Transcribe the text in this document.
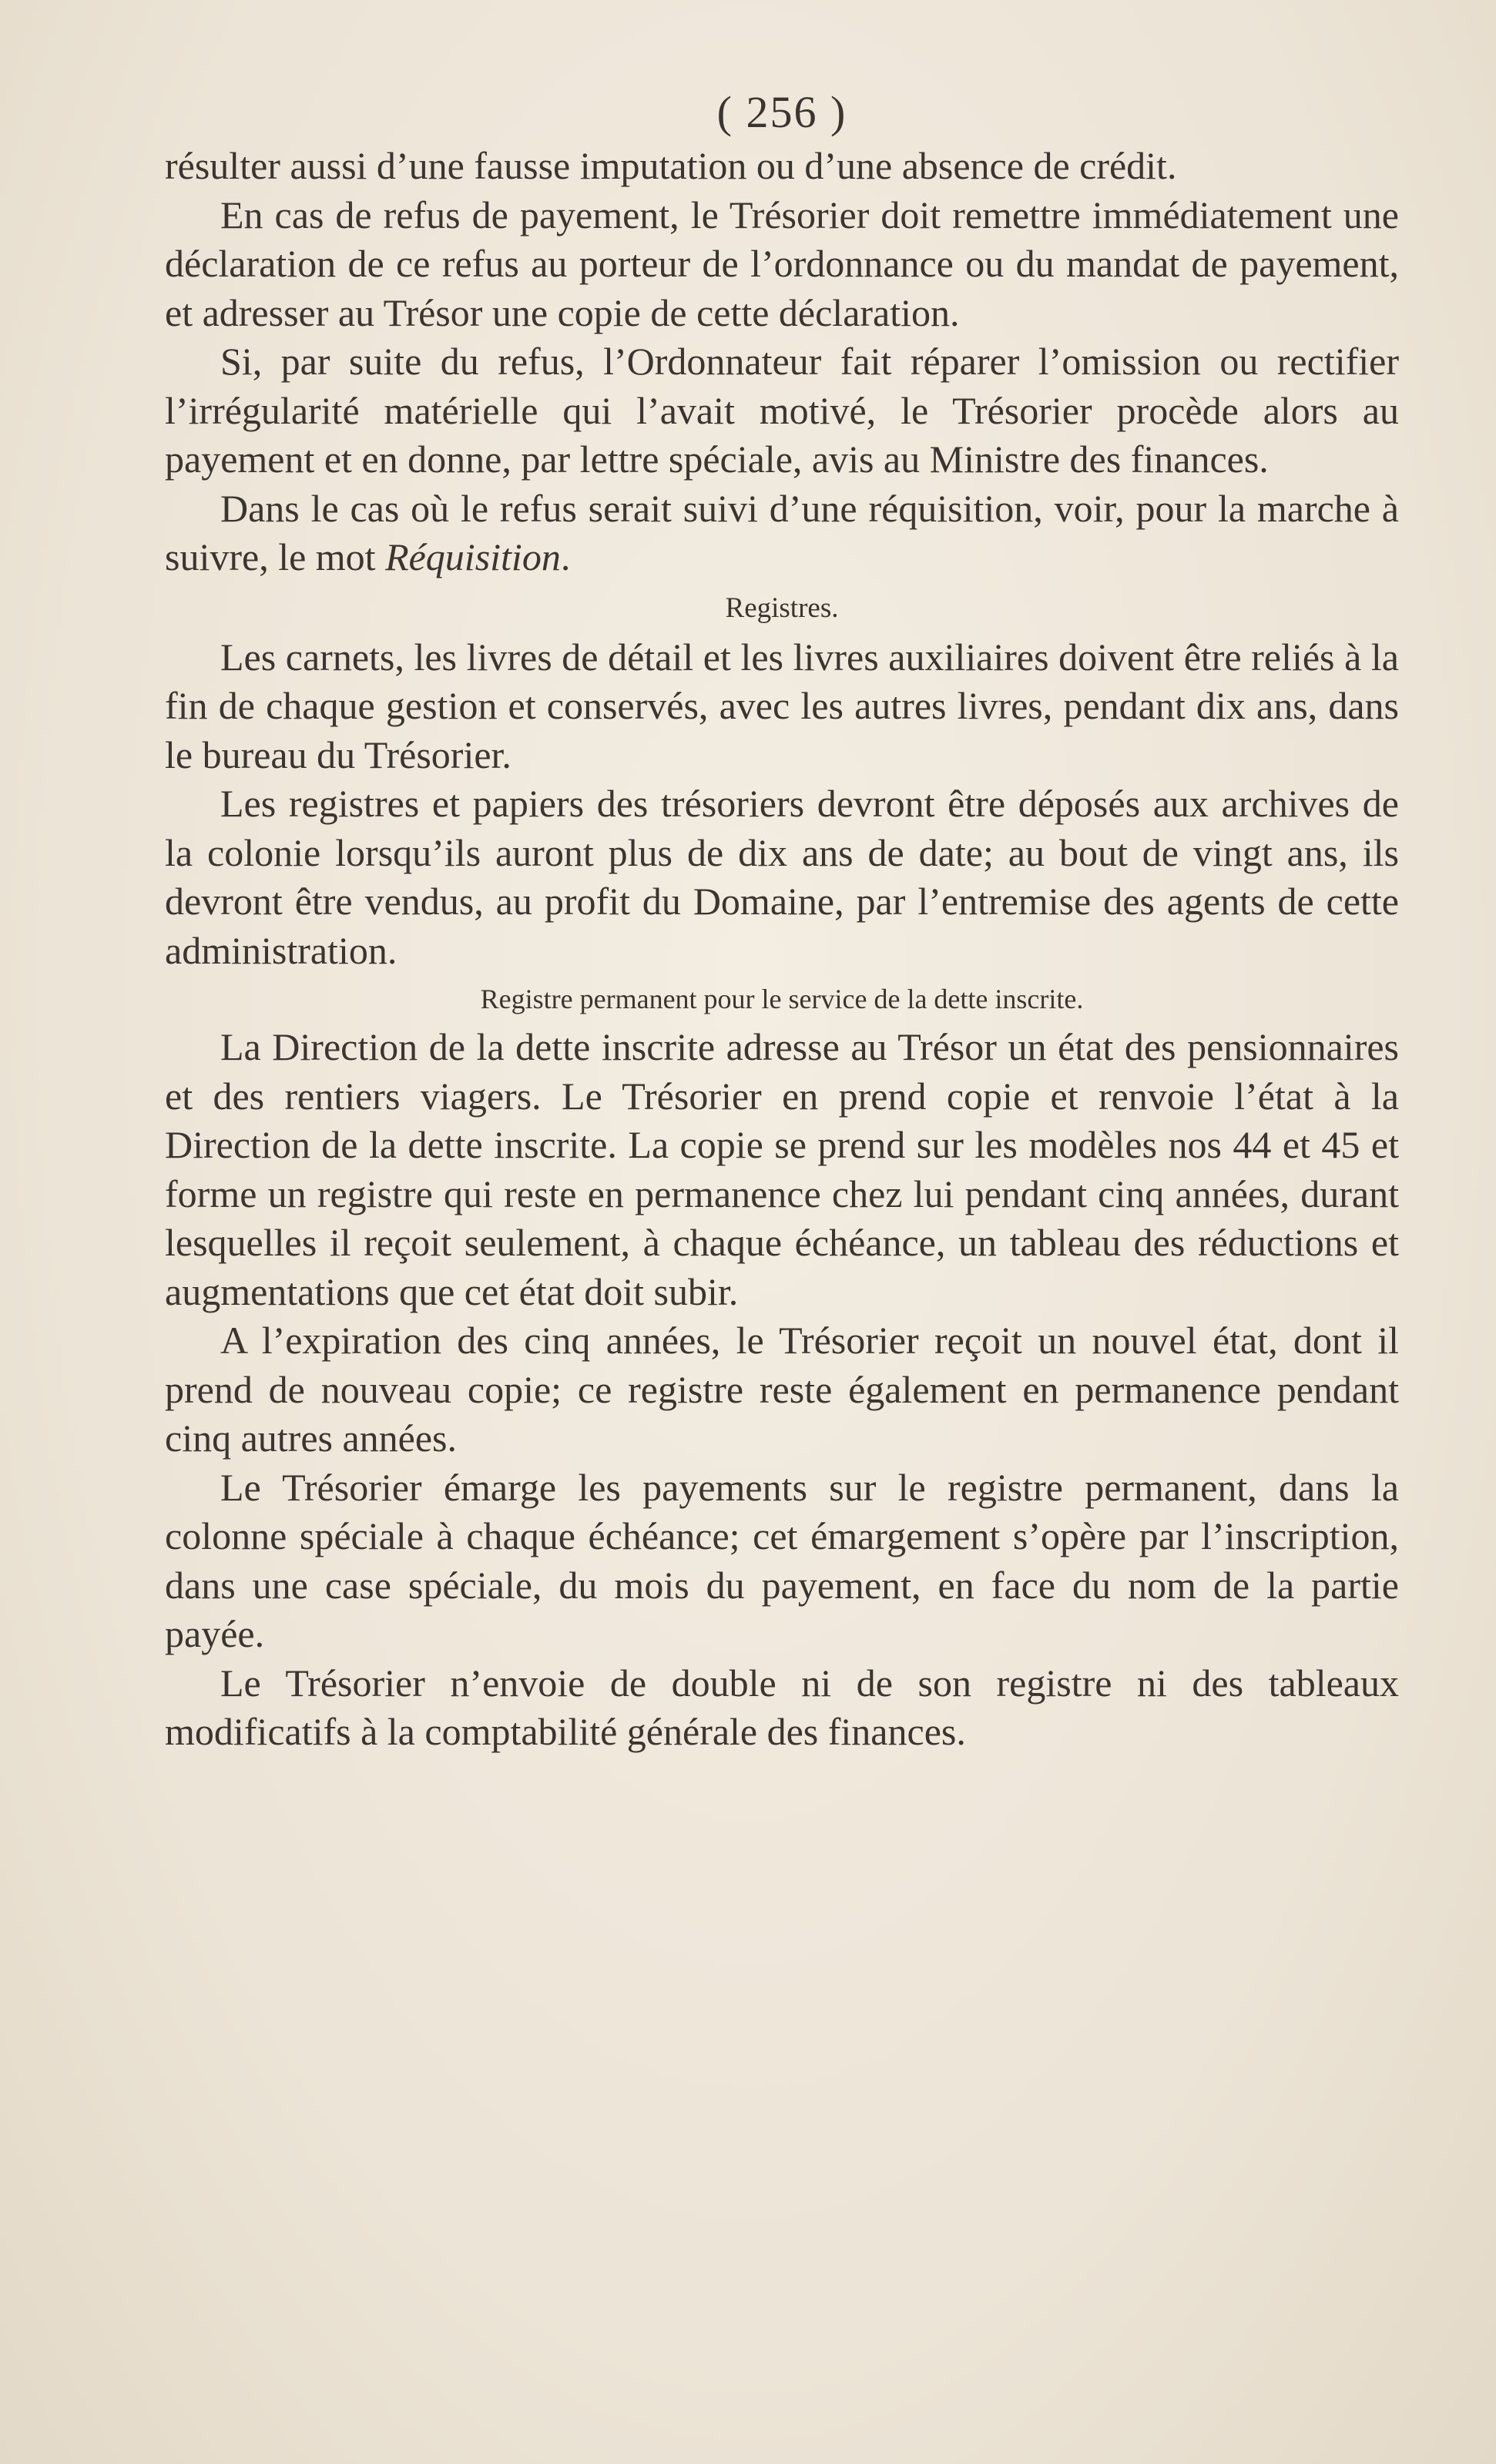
( 256 )

résulter aussi d’une fausse imputation ou d’une absence de crédit.

En cas de refus de payement, le Trésorier doit remettre immédiatement une déclaration de ce refus au porteur de l’ordonnance ou du mandat de payement, et adresser au Trésor une copie de cette déclaration.

Si, par suite du refus, l’Ordonnateur fait réparer l’omission ou rectifier l’irrégularité matérielle qui l’avait motivé, le Trésorier procède alors au payement et en donne, par lettre spéciale, avis au Ministre des finances.

Dans le cas où le refus serait suivi d’une réquisition, voir, pour la marche à suivre, le mot Réquisition.

Registres.

Les carnets, les livres de détail et les livres auxiliaires doivent être reliés à la fin de chaque gestion et conservés, avec les autres livres, pendant dix ans, dans le bureau du Trésorier.

Les registres et papiers des trésoriers devront être déposés aux archives de la colonie lorsqu’ils auront plus de dix ans de date; au bout de vingt ans, ils devront être vendus, au profit du Domaine, par l’entremise des agents de cette administration.

Registre permanent pour le service de la dette inscrite.

La Direction de la dette inscrite adresse au Trésor un état des pensionnaires et des rentiers viagers. Le Trésorier en prend copie et renvoie l’état à la Direction de la dette inscrite. La copie se prend sur les modèles nos 44 et 45 et forme un registre qui reste en permanence chez lui pendant cinq années, durant lesquelles il reçoit seulement, à chaque échéance, un tableau des réductions et augmentations que cet état doit subir.

A l’expiration des cinq années, le Trésorier reçoit un nouvel état, dont il prend de nouveau copie; ce registre reste également en permanence pendant cinq autres années.

Le Trésorier émarge les payements sur le registre permanent, dans la colonne spéciale à chaque échéance; cet émargement s’opère par l’inscription, dans une case spéciale, du mois du payement, en face du nom de la partie payée.

Le Trésorier n’envoie de double ni de son registre ni des tableaux modificatifs à la comptabilité générale des finances.
